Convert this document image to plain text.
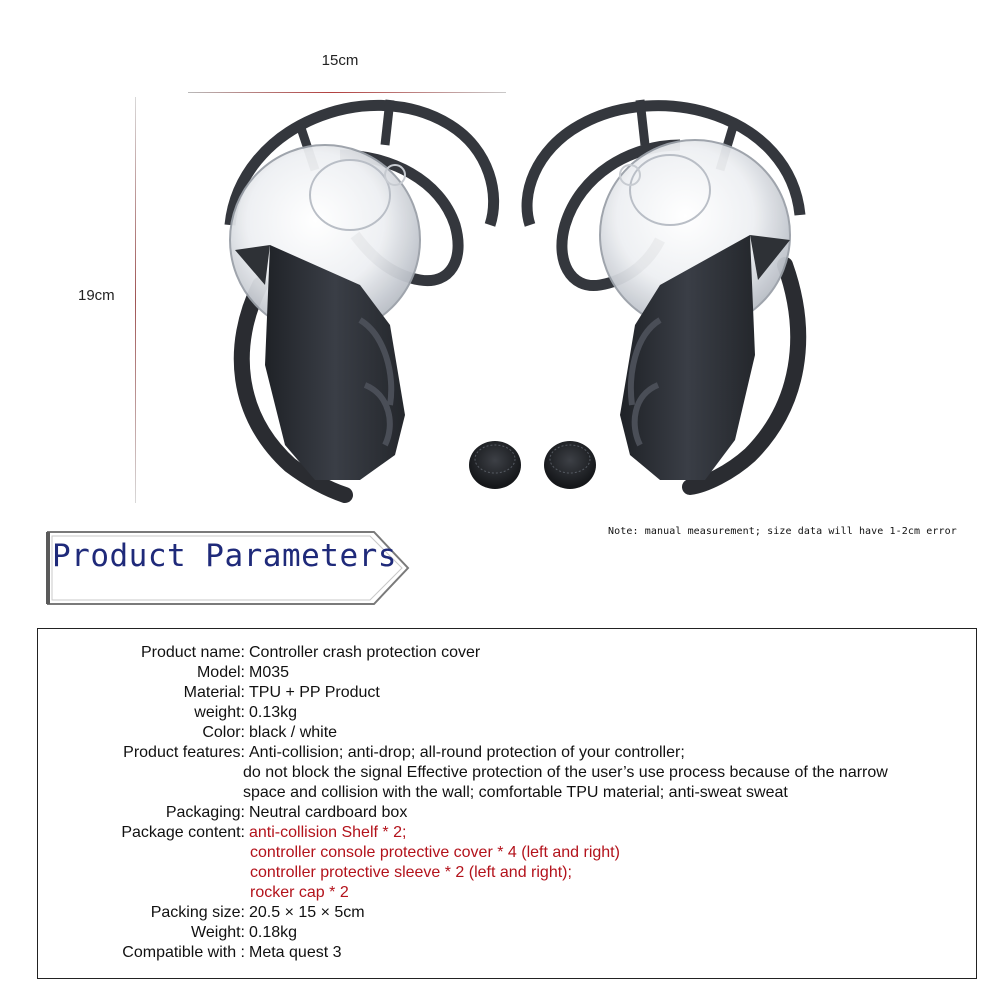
15cm
19cm
Note: manual measurement; size data will have 1-2cm error
Product Parameters
Product name: Controller crash protection cover
Model: M035
Material: TPU + PP Product
weight: 0.13kg
Color: black / white
Product features: Anti-collision; anti-drop; all-round protection of your controller;
do not block the signal Effective protection of the user’s use process because of the narrow
space and collision with the wall; comfortable TPU material; anti-sweat sweat
Packaging: Neutral cardboard box
Package content: anti-collision Shelf * 2;
controller console protective cover * 4 (left and right)
controller protective sleeve * 2 (left and right);
rocker cap * 2
Packing size: 20.5 × 15 × 5cm
Weight: 0.18kg
Compatible with : Meta quest 3
